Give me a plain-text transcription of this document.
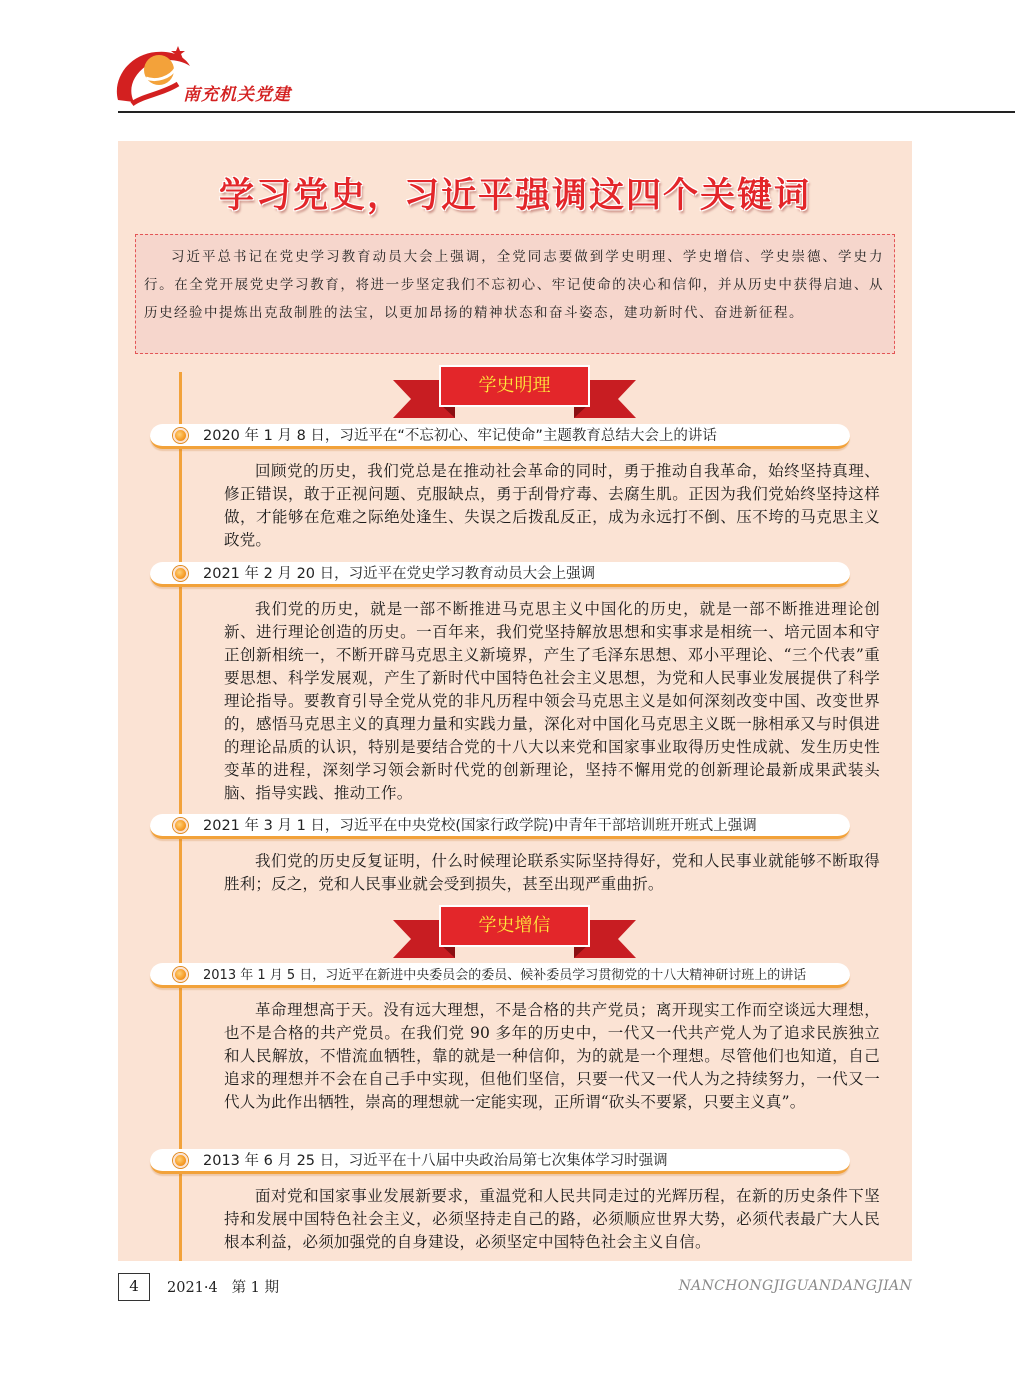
南充机关党建
学习党史，习近平强调这四个关键词

习近平总书记在党史学习教育动员大会上强调，全党同志要做到学史明理、学史增信、学史崇德、学史力行。在全党开展党史学习教育，将进一步坚定我们不忘初心、牢记使命的决心和信仰，并从历史中获得启迪、从历史经验中提炼出克敌制胜的法宝，以更加昂扬的精神状态和奋斗姿态，建功新时代、奋进新征程。

学史明理
2020 年 1 月 8 日，习近平在“不忘初心、牢记使命”主题教育总结大会上的讲话

回顾党的历史，我们党总是在推动社会革命的同时，勇于推动自我革命，始终坚持真理、修正错误，敢于正视问题、克服缺点，勇于刮骨疗毒、去腐生肌。正因为我们党始终坚持这样做，才能够在危难之际绝处逢生、失误之后拨乱反正，成为永远打不倒、压不垮的马克思主义政党。

2021 年 2 月 20 日，习近平在党史学习教育动员大会上强调

我们党的历史，就是一部不断推进马克思主义中国化的历史，就是一部不断推进理论创新、进行理论创造的历史。一百年来，我们党坚持解放思想和实事求是相统一、培元固本和守正创新相统一，不断开辟马克思主义新境界，产生了毛泽东思想、邓小平理论、“三个代表”重要思想、科学发展观，产生了新时代中国特色社会主义思想，为党和人民事业发展提供了科学理论指导。要教育引导全党从党的非凡历程中领会马克思主义是如何深刻改变中国、改变世界的，感悟马克思主义的真理力量和实践力量，深化对中国化马克思主义既一脉相承又与时俱进的理论品质的认识，特别是要结合党的十八大以来党和国家事业取得历史性成就、发生历史性变革的进程，深刻学习领会新时代党的创新理论，坚持不懈用党的创新理论最新成果武装头脑、指导实践、推动工作。

2021 年 3 月 1 日，习近平在中央党校(国家行政学院)中青年干部培训班开班式上强调

我们党的历史反复证明，什么时候理论联系实际坚持得好，党和人民事业就能够不断取得胜利；反之，党和人民事业就会受到损失，甚至出现严重曲折。

学史增信
2013 年 1 月 5 日，习近平在新进中央委员会的委员、候补委员学习贯彻党的十八大精神研讨班上的讲话

革命理想高于天。没有远大理想，不是合格的共产党员；离开现实工作而空谈远大理想，也不是合格的共产党员。在我们党 90 多年的历史中，一代又一代共产党人为了追求民族独立和人民解放，不惜流血牺牲，靠的就是一种信仰，为的就是一个理想。尽管他们也知道，自己追求的理想并不会在自己手中实现，但他们坚信，只要一代又一代人为之持续努力，一代又一代人为此作出牺牲，崇高的理想就一定能实现，正所谓“砍头不要紧，只要主义真”。

2013 年 6 月 25 日，习近平在十八届中央政治局第七次集体学习时强调

面对党和国家事业发展新要求，重温党和人民共同走过的光辉历程，在新的历史条件下坚持和发展中国特色社会主义，必须坚持走自己的路，必须顺应世界大势，必须代表最广大人民根本利益，必须加强党的自身建设，必须坚定中国特色社会主义自信。

4	2021·4   第 1 期	NANCHONGJIGUANDANGJIAN
